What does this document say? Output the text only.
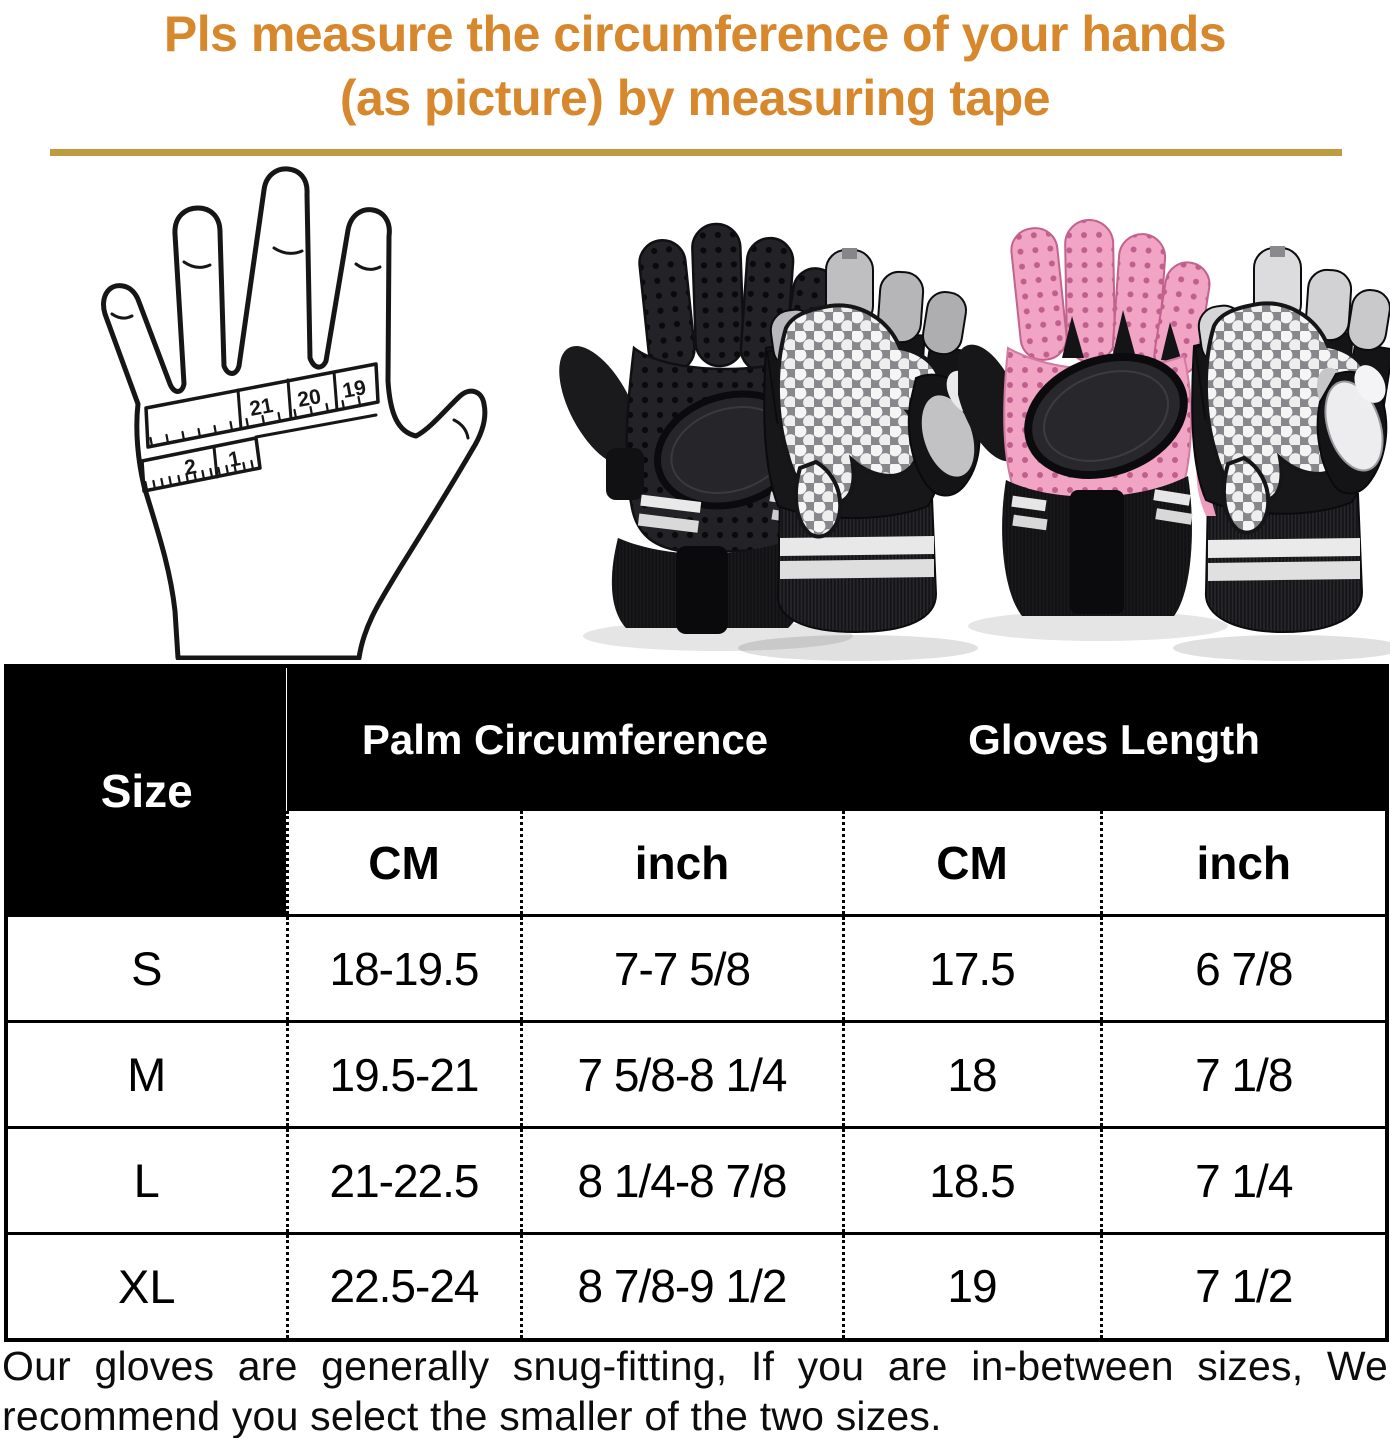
Pls measure the circumference of your hands
(as picture) by measuring tape
21 20 19
2 1
Size	Palm Circumference		Gloves Length	
	CM	inch	CM	inch
S	18-19.5	7-7 5/8	17.5	6 7/8
M	19.5-21	7 5/8-8 1/4	18	7 1/8
L	21-22.5	8 1/4-8 7/8	18.5	7 1/4
XL	22.5-24	8 7/8-9 1/2	19	7 1/2
Our gloves are generally snug-fitting, If you are in-between sizes, We
recommend you select the smaller of the two sizes.
